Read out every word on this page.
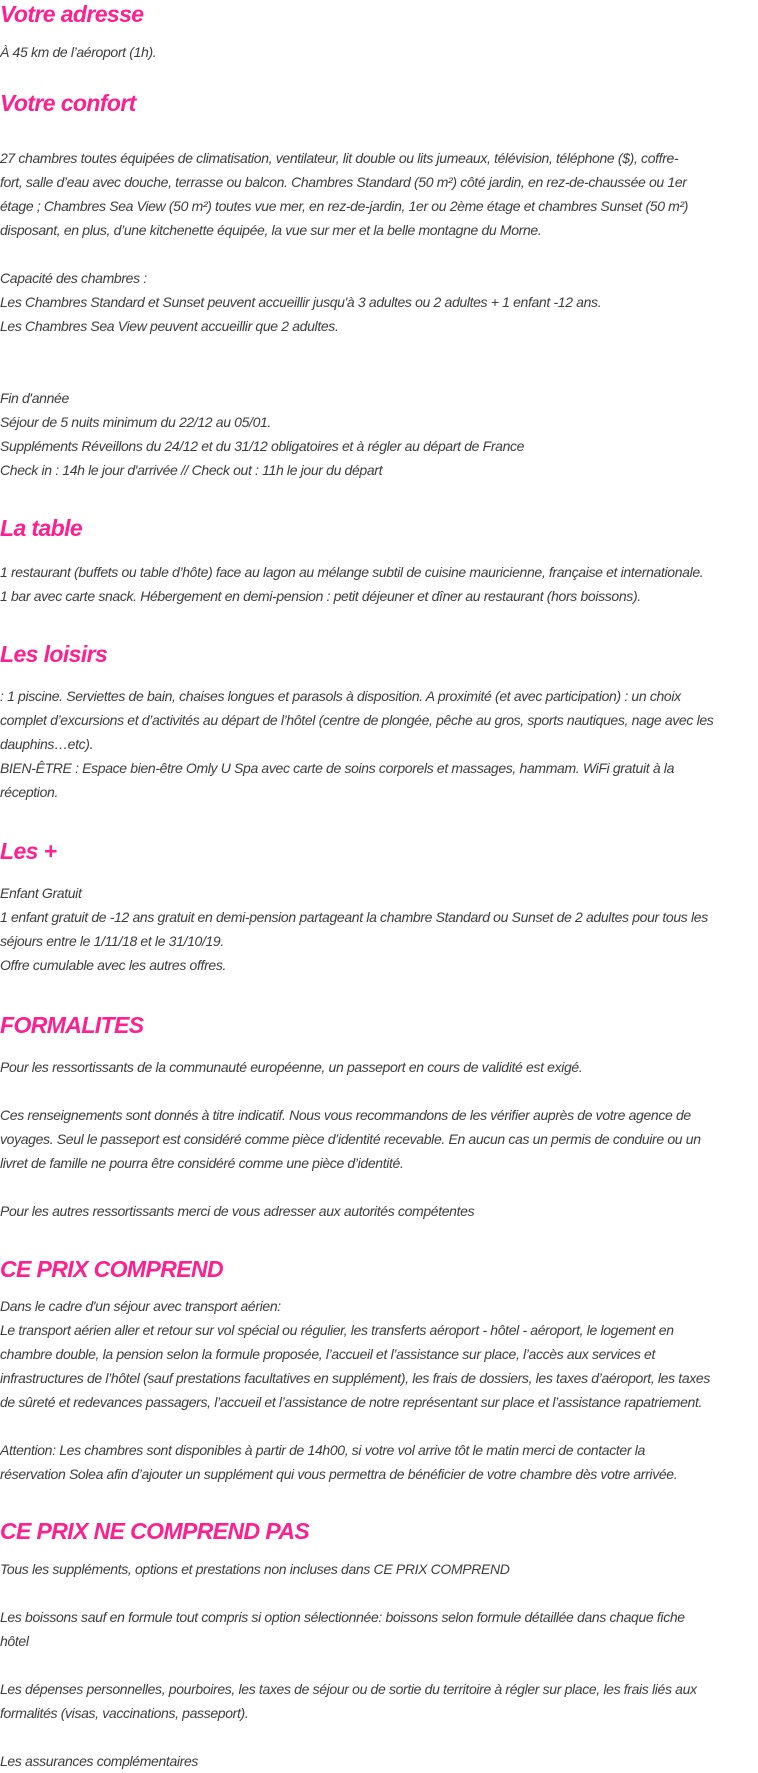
Votre adresse

À 45 km de l’aéroport (1h).

Votre confort

27 chambres toutes équipées de climatisation, ventilateur, lit double ou lits jumeaux, télévision, téléphone ($), coffre-
fort, salle d’eau avec douche, terrasse ou balcon. Chambres Standard (50 m²) côté jardin, en rez-de-chaussée ou 1er
étage ; Chambres Sea View (50 m²) toutes vue mer, en rez-de-jardin, 1er ou 2ème étage et chambres Sunset (50 m²)
disposant, en plus, d’une kitchenette équipée, la vue sur mer et la belle montagne du Morne.

Capacité des chambres :
Les Chambres Standard et Sunset peuvent accueillir jusqu'à 3 adultes ou 2 adultes + 1 enfant -12 ans.
Les Chambres Sea View peuvent accueillir que 2 adultes.

Fin d'année
Séjour de 5 nuits minimum du 22/12 au 05/01.
Suppléments Réveillons du 24/12 et du 31/12 obligatoires et à régler au départ de France
Check in : 14h le jour d'arrivée // Check out : 11h le jour du départ

La table

1 restaurant (buffets ou table d’hôte) face au lagon au mélange subtil de cuisine mauricienne, française et internationale.
1 bar avec carte snack. Hébergement en demi-pension : petit déjeuner et dîner au restaurant (hors boissons).

Les loisirs

: 1 piscine. Serviettes de bain, chaises longues et parasols à disposition. A proximité (et avec participation) : un choix
complet d’excursions et d’activités au départ de l’hôtel (centre de plongée, pêche au gros, sports nautiques, nage avec les
dauphins…etc).
BIEN-ÊTRE : Espace bien-être Omly U Spa avec carte de soins corporels et massages, hammam. WiFi gratuit à la
réception.

Les +

Enfant Gratuit
1 enfant gratuit de -12 ans gratuit en demi-pension partageant la chambre Standard ou Sunset de 2 adultes pour tous les
séjours entre le 1/11/18 et le 31/10/19.
Offre cumulable avec les autres offres.

FORMALITES

Pour les ressortissants de la communauté européenne, un passeport en cours de validité est exigé.

Ces renseignements sont donnés à titre indicatif. Nous vous recommandons de les vérifier auprès de votre agence de
voyages. Seul le passeport est considéré comme pièce d’identité recevable. En aucun cas un permis de conduire ou un
livret de famille ne pourra être considéré comme une pièce d’identité.

Pour les autres ressortissants merci de vous adresser aux autorités compétentes

CE PRIX COMPREND

Dans le cadre d'un séjour avec transport aérien:
Le transport aérien aller et retour sur vol spécial ou régulier, les transferts aéroport - hôtel - aéroport, le logement en
chambre double, la pension selon la formule proposée, l’accueil et l’assistance sur place, l’accès aux services et
infrastructures de l’hôtel (sauf prestations facultatives en supplément), les frais de dossiers, les taxes d’aéroport, les taxes
de sûreté et redevances passagers, l’accueil et l’assistance de notre représentant sur place et l’assistance rapatriement.

Attention: Les chambres sont disponibles à partir de 14h00, si votre vol arrive tôt le matin merci de contacter la
réservation Solea afin d’ajouter un supplément qui vous permettra de bénéficier de votre chambre dès votre arrivée.

CE PRIX NE COMPREND PAS

Tous les suppléments, options et prestations non incluses dans CE PRIX COMPREND

Les boissons sauf en formule tout compris si option sélectionnée: boissons selon formule détaillée dans chaque fiche
hôtel

Les dépenses personnelles, pourboires, les taxes de séjour ou de sortie du territoire à régler sur place, les frais liés aux
formalités (visas, vaccinations, passeport).

Les assurances complémentaires
